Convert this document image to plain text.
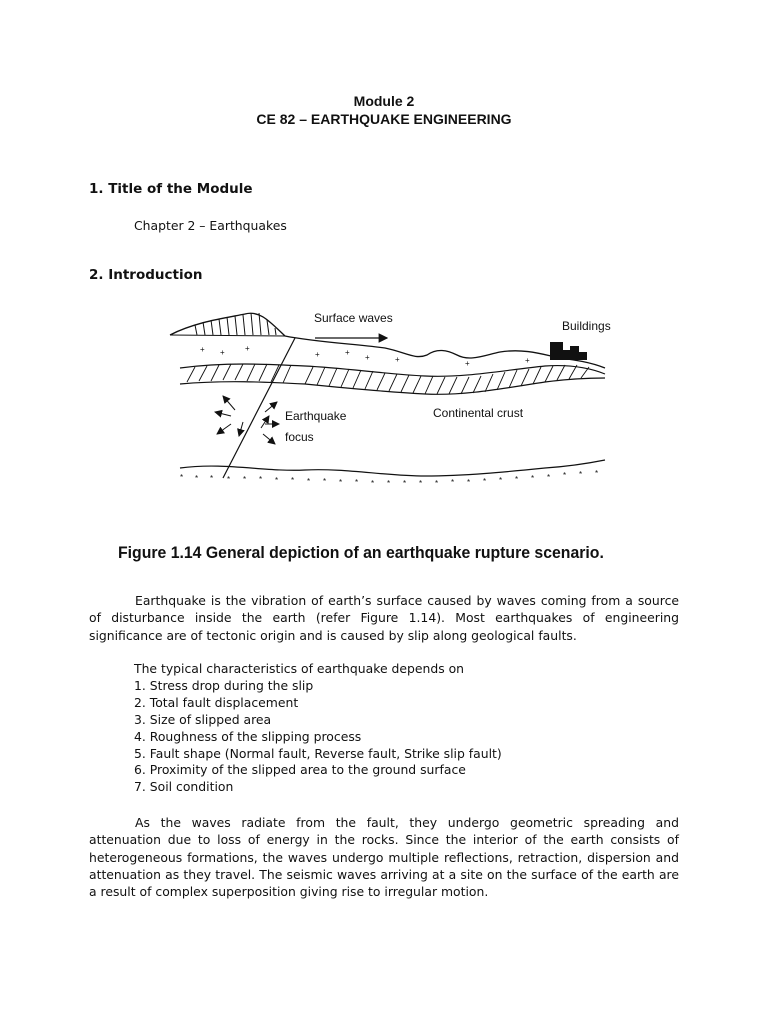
Module 2
CE 82 – EARTHQUAKE ENGINEERING
1. Title of the Module
Chapter 2 – Earthquakes
2. Introduction
+ +	+
+	+
+	+	+	+
* * * * * * * * * * * * * * * * * * * * * * * * * * *
Surface waves
Buildings
Earthquake
focus
Continental crust
Figure 1.14 General depiction of an earthquake rupture scenario.
Earthquake is the vibration of earth’s surface caused by waves coming from a source of disturbance inside the earth (refer Figure 1.14). Most earthquakes of engineering significance are of tectonic origin and is caused by slip along geological faults.
The typical characteristics of earthquake depends on
1. Stress drop during the slip
2. Total fault displacement
3. Size of slipped area
4. Roughness of the slipping process
5. Fault shape (Normal fault, Reverse fault, Strike slip fault)
6. Proximity of the slipped area to the ground surface
7. Soil condition
As the waves radiate from the fault, they undergo geometric spreading and attenuation due to loss of energy in the rocks. Since the interior of the earth consists of heterogeneous formations, the waves undergo multiple reflections, retraction, dispersion and attenuation as they travel. The seismic waves arriving at a site on the surface of the earth are a result of complex superposition giving rise to irregular motion.
